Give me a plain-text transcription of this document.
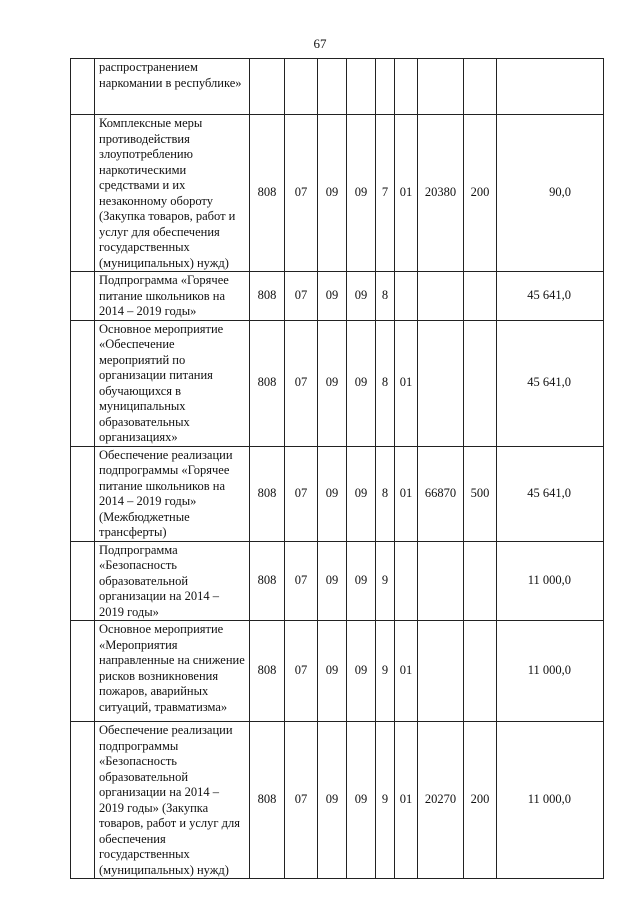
67
	распространением наркомании в республике»									
	Комплексные меры противодействия злоупотреблению наркотическими средствами и их незаконному обороту (Закупка товаров, работ и услуг для обеспечения государственных (муниципальных) нужд)	808	07	09	09	7	01	20380	200	90,0
	Подпрограмма «Горячее питание школьников на 2014 – 2019 годы»	808	07	09	09	8				45 641,0
	Основное мероприятие «Обеспечение мероприятий по организации питания обучающихся в муниципальных образовательных организациях»	808	07	09	09	8	01			45 641,0
	Обеспечение реализации подпрограммы «Горячее питание школьников на 2014 – 2019 годы» (Межбюджетные трансферты)	808	07	09	09	8	01	66870	500	45 641,0
	Подпрограмма «Безопасность образовательной организации на 2014 – 2019 годы»	808	07	09	09	9				11 000,0
	Основное мероприятие «Мероприятия направленные на снижение рисков возникновения пожаров, аварийных ситуаций, травматизма»	808	07	09	09	9	01			11 000,0
	Обеспечение реализации подпрограммы «Безопасность образовательной организации на 2014 – 2019 годы» (Закупка товаров, работ и услуг для обеспечения государственных (муниципальных) нужд)	808	07	09	09	9	01	20270	200	11 000,0
